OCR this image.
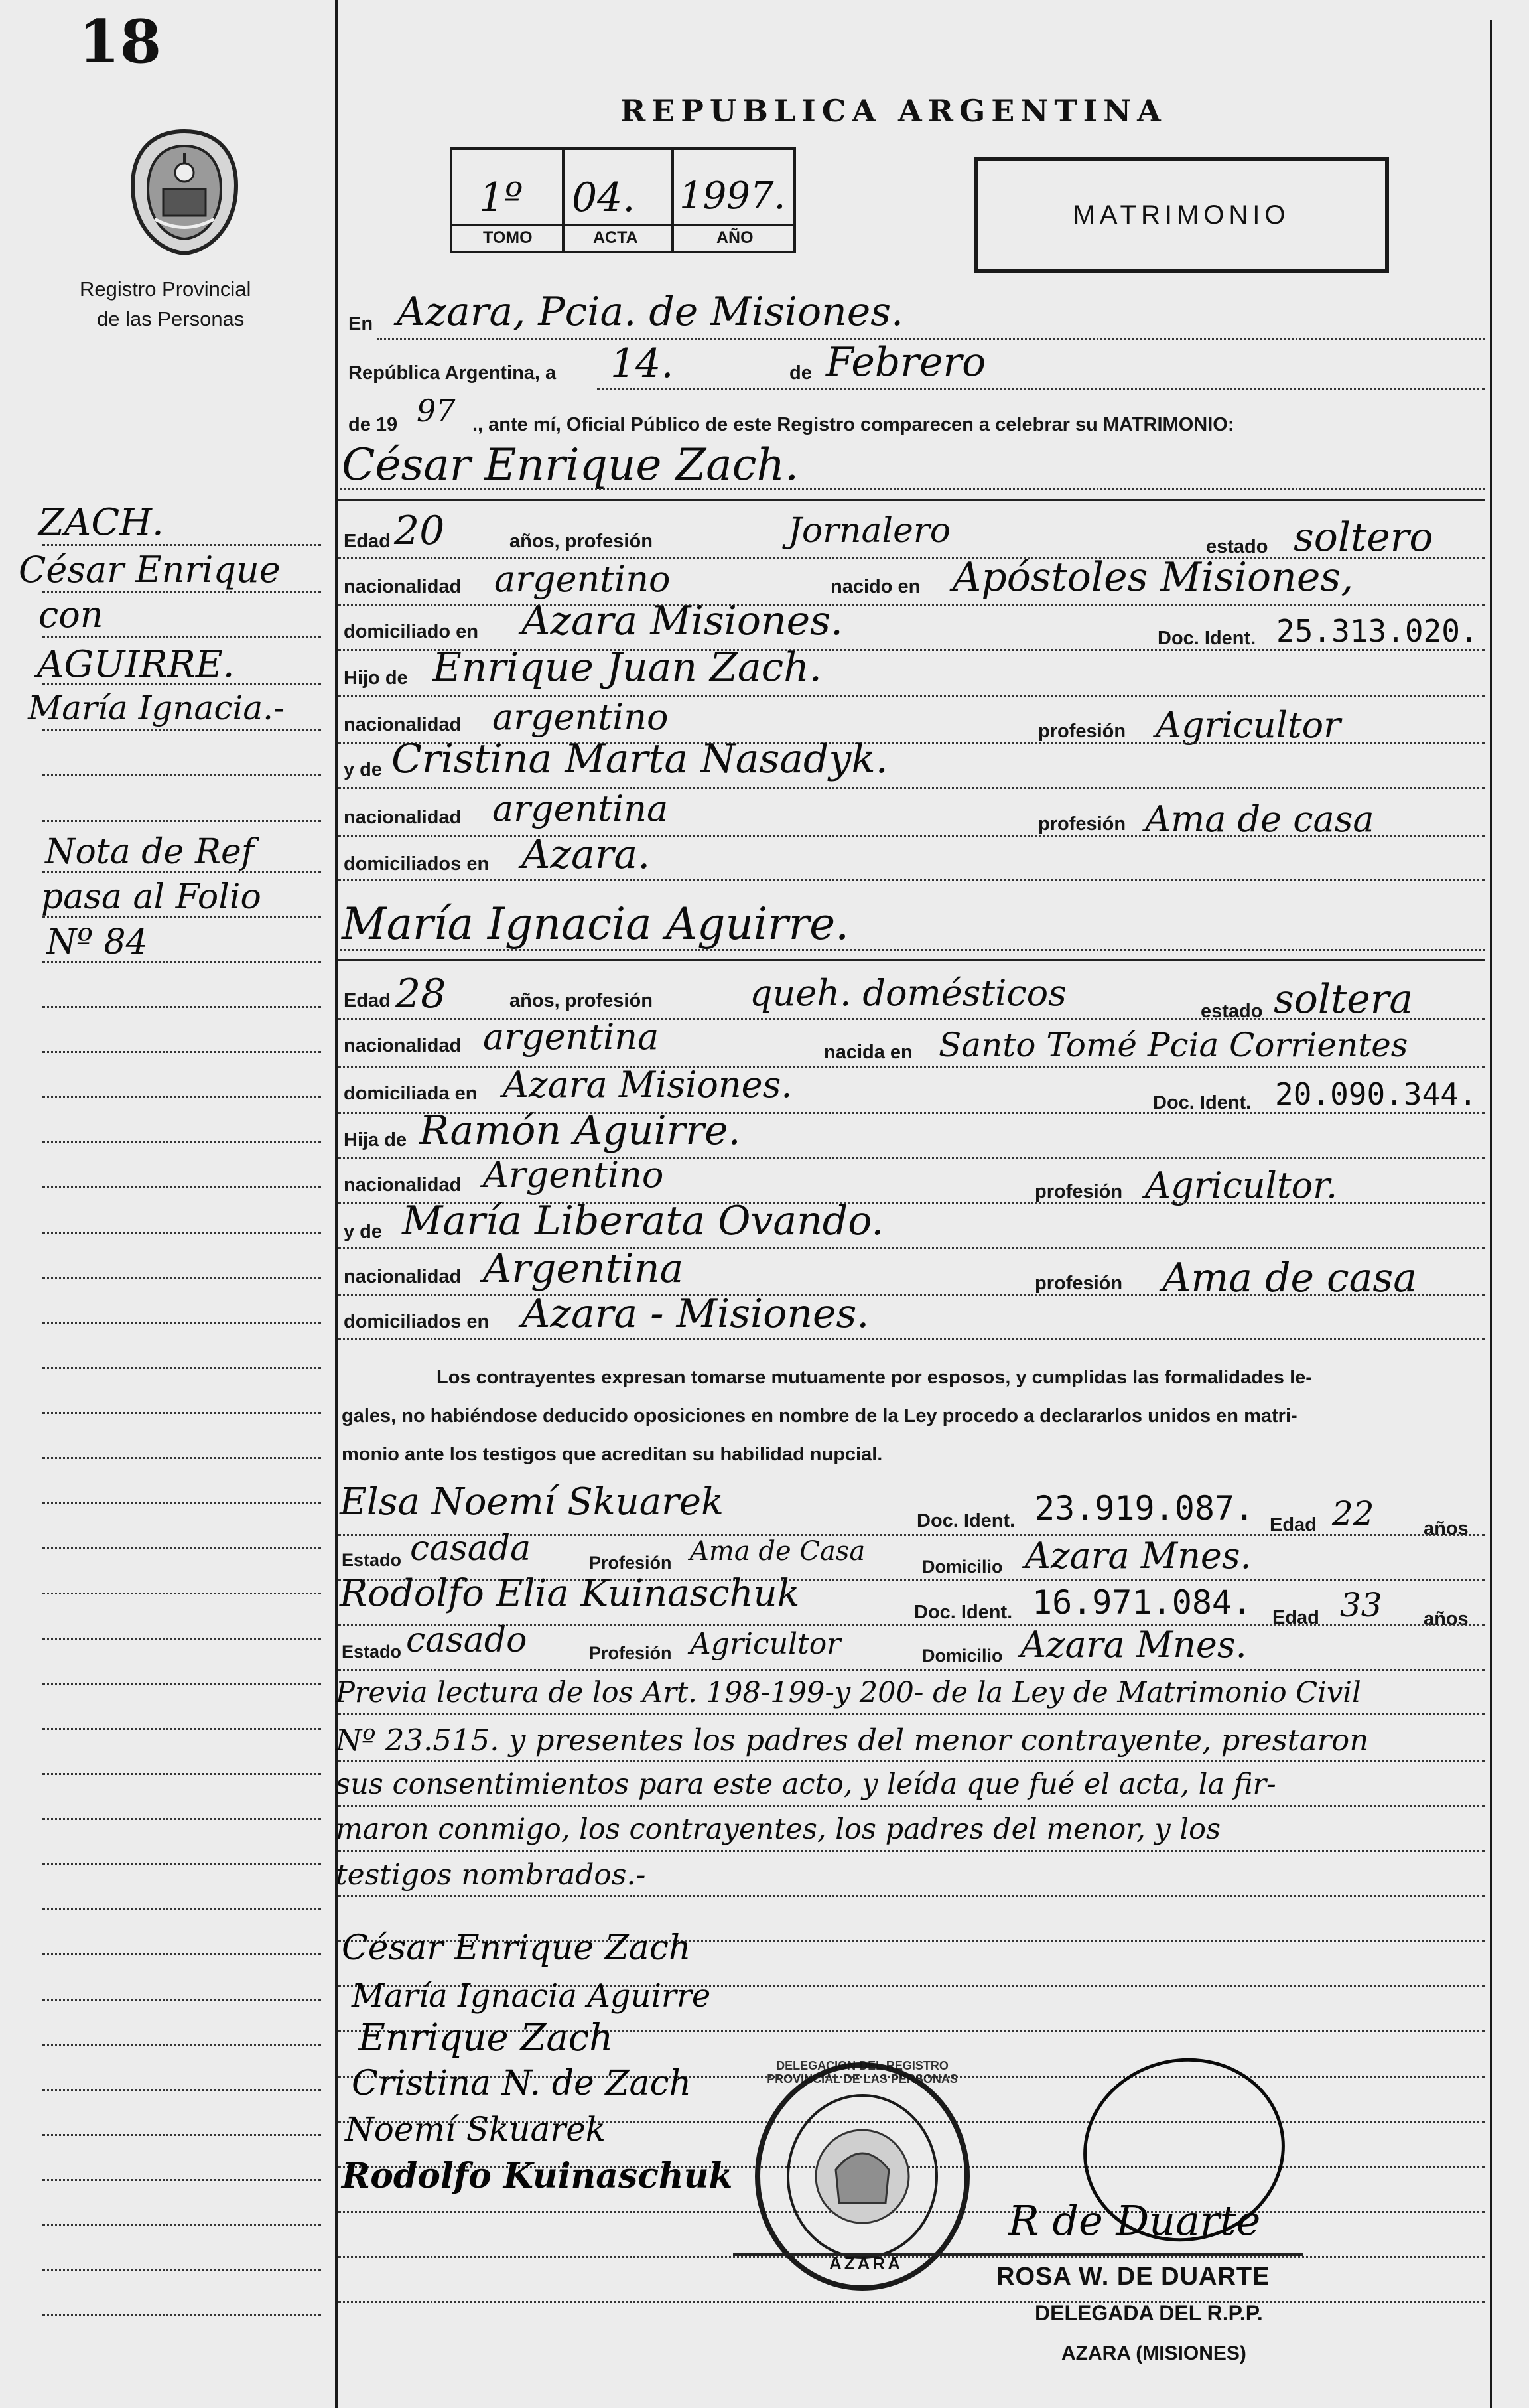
18
Registro Provincial
de las Personas
REPUBLICA ARGENTINA
1º 04. 1997.
TOMO	ACTA	AÑO
MATRIMONIO
ZACH.
César Enrique
con
AGUIRRE.
María Ignacia.-
Nota de Ref
pasa al Folio
Nº 84
En Azara, Pcia. de Misiones.
República Argentina, a 14.	de Febrero
de 19 97 ., ante mí, Oficial Público de este Registro comparecen a celebrar su MATRIMONIO:
César Enrique Zach.
Edad 20	años, profesión	Jornalero	estado soltero
nacionalidad argentino	nacido en Apóstoles Misiones,
domiciliado en Azara Misiones.	Doc. Ident. 25.313.020.
Hijo de Enrique Juan Zach.
nacionalidad argentino	profesión Agricultor
y de Cristina Marta Nasadyk.
nacionalidad argentina	profesión Ama de casa
domiciliados en Azara.
María Ignacia Aguirre.
Edad 28	años, profesión	queh. domésticos	estado soltera
nacionalidad argentina	nacida en Santo Tomé Pcia Corrientes
domiciliada en Azara Misiones.	Doc. Ident. 20.090.344.
Hija de Ramón Aguirre.
nacionalidad Argentino	profesión Agricultor.
y de María Liberata Ovando.
nacionalidad Argentina	profesión Ama de casa
domiciliados en Azara - Misiones.
Los contrayentes expresan tomarse mutuamente por esposos, y cumplidas las formalidades le-
gales, no habiéndose deducido oposiciones en nombre de la Ley procedo a declararlos unidos en matri-
monio ante los testigos que acreditan su habilidad nupcial.
Elsa Noemí Skuarek	Doc. Ident. 23.919.087. Edad 22	años
Estado casada	Profesión Ama de Casa	Domicilio Azara Mnes.
Rodolfo Elia Kuinaschuk	Doc. Ident. 16.971.084. Edad 33 años
Estado casado	Profesión Agricultor	Domicilio Azara Mnes.
Previa lectura de los Art. 198-199-y 200- de la Ley de Matrimonio Civil
Nº 23.515. y presentes los padres del menor contrayente, prestaron
sus consentimientos para este acto, y leída que fué el acta, la fir-
maron conmigo, los contrayentes, los padres del menor, y los
testigos nombrados.-
César Enrique Zach
María Ignacia Aguirre
Enrique Zach
Cristina N. de Zach
Noemí Skuarek
Rodolfo Kuinaschuk
DELEGACION DEL REGISTRO PROVINCIAL DE LAS PERSONAS
AZARA
R de Duarte
ROSA W. DE DUARTE
DELEGADA DEL R.P.P.
AZARA (MISIONES)
